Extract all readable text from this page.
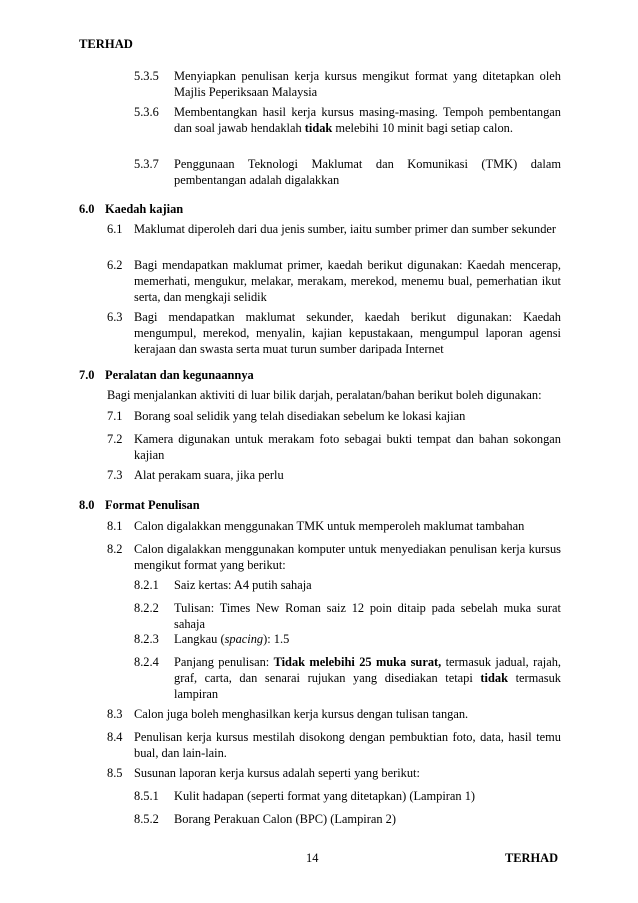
TERHAD
5.3.5 Menyiapkan penulisan kerja kursus mengikut format yang ditetapkan oleh Majlis Peperiksaan Malaysia
5.3.6 Membentangkan hasil kerja kursus masing-masing. Tempoh pembentangan dan soal jawab hendaklah tidak melebihi 10 minit bagi setiap calon.
5.3.7 Penggunaan Teknologi Maklumat dan Komunikasi (TMK) dalam pembentangan adalah digalakkan
6.0 Kaedah kajian
6.1 Maklumat diperoleh dari dua jenis sumber, iaitu sumber primer dan sumber sekunder
6.2 Bagi mendapatkan maklumat primer, kaedah berikut digunakan: Kaedah mencerap, memerhati, mengukur, melakar, merakam, merekod, menemu bual, pemerhatian ikut serta, dan mengkaji selidik
6.3 Bagi mendapatkan maklumat sekunder, kaedah berikut digunakan: Kaedah mengumpul, merekod, menyalin, kajian kepustakaan, mengumpul laporan agensi kerajaan dan swasta serta muat turun sumber daripada Internet
7.0 Peralatan dan kegunaannya
Bagi menjalankan aktiviti di luar bilik darjah, peralatan/bahan berikut boleh digunakan:
7.1 Borang soal selidik yang telah disediakan sebelum ke lokasi kajian
7.2 Kamera digunakan untuk merakam foto sebagai bukti tempat dan bahan sokongan kajian
7.3 Alat perakam suara, jika perlu
8.0 Format Penulisan
8.1 Calon digalakkan menggunakan TMK untuk memperoleh maklumat tambahan
8.2 Calon digalakkan menggunakan komputer untuk menyediakan penulisan kerja kursus mengikut format yang berikut:
8.2.1 Saiz kertas: A4 putih sahaja
8.2.2 Tulisan: Times New Roman saiz 12 poin ditaip pada sebelah muka surat sahaja
8.2.3 Langkau (spacing): 1.5
8.2.4 Panjang penulisan: Tidak melebihi 25 muka surat, termasuk jadual, rajah, graf, carta, dan senarai rujukan yang disediakan tetapi tidak termasuk lampiran
8.3 Calon juga boleh menghasilkan kerja kursus dengan tulisan tangan.
8.4 Penulisan kerja kursus mestilah disokong dengan pembuktian foto, data, hasil temu bual, dan lain-lain.
8.5 Susunan laporan kerja kursus adalah seperti yang berikut:
8.5.1 Kulit hadapan (seperti format yang ditetapkan) (Lampiran 1)
8.5.2 Borang Perakuan Calon (BPC) (Lampiran 2)
14	TERHAD
